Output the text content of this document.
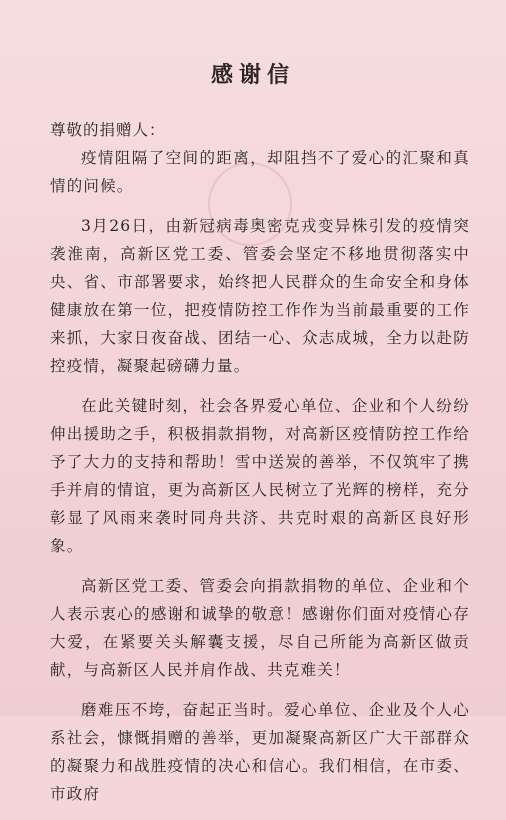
感谢信
尊敬的捐赠人：

疫情阻隔了空间的距离，却阻挡不了爱心的汇聚和真情的问候。

3月26日，由新冠病毒奥密克戎变异株引发的疫情突袭淮南，高新区党工委、管委会坚定不移地贯彻落实中央、省、市部署要求，始终把人民群众的生命安全和身体健康放在第一位，把疫情防控工作作为当前最重要的工作来抓，大家日夜奋战、团结一心、众志成城，全力以赴防控疫情，凝聚起磅礴力量。

在此关键时刻，社会各界爱心单位、企业和个人纷纷伸出援助之手，积极捐款捐物，对高新区疫情防控工作给予了大力的支持和帮助！雪中送炭的善举，不仅筑牢了携手并肩的情谊，更为高新区人民树立了光辉的榜样，充分彰显了风雨来袭时同舟共济、共克时艰的高新区良好形象。

高新区党工委、管委会向捐款捐物的单位、企业和个人表示衷心的感谢和诚挚的敬意！感谢你们面对疫情心存大爱，在紧要关头解囊支援，尽自己所能为高新区做贡献，与高新区人民并肩作战、共克难关！

磨难压不垮，奋起正当时。爱心单位、企业及个人心系社会，慷慨捐赠的善举，更加凝聚高新区广大干部群众的凝聚力和战胜疫情的决心和信心。我们相信，在市委、市政府
